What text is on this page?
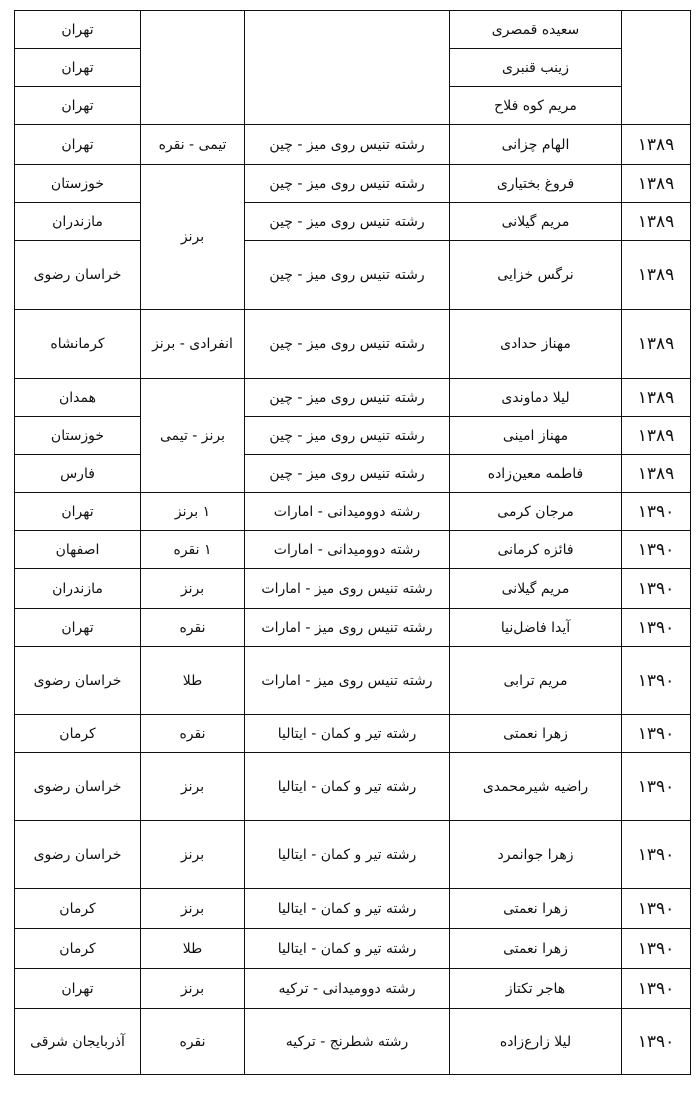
	سعیده قمصری			تهران
	زینب قنبری			تهران
	مریم کوه فلاح			تهران
۱۳۸۹	الهام چزانی	رشته تنیس روی میز - چین	تیمی - نقره	تهران
۱۳۸۹	فروغ بختیاری	رشته تنیس روی میز - چین	برنز	خوزستان
۱۳۸۹	مریم گیلانی	رشته تنیس روی میز - چین		مازندران
۱۳۸۹	نرگس خزایی	رشته تنیس روی میز - چین		خراسان رضوی
۱۳۸۹	مهناز حدادی	رشته تنیس روی میز - چین	انفرادی - برنز	کرمانشاه
۱۳۸۹	لیلا دماوندی	رشته تنیس روی میز - چین	برنز - تیمی	همدان
۱۳۸۹	مهناز امینی	رشته تنیس روی میز - چین		خوزستان
۱۳۸۹	فاطمه معین‌زاده	رشته تنیس روی میز - چین		فارس
۱۳۹۰	مرجان کرمی	رشته دوومیدانی - امارات	۱ برنز	تهران
۱۳۹۰	فائزه کرمانی	رشته دوومیدانی - امارات	۱ نقره	اصفهان
۱۳۹۰	مریم گیلانی	رشته تنیس روی میز - امارات	برنز	مازندران
۱۳۹۰	آیدا فاضل‌نیا	رشته تنیس روی میز - امارات	نقره	تهران
۱۳۹۰	مریم ترابی	رشته تنیس روی میز - امارات	طلا	خراسان رضوی
۱۳۹۰	زهرا نعمتی	رشته تیر و کمان - ایتالیا	نقره	کرمان
۱۳۹۰	راضیه شیرمحمدی	رشته تیر و کمان - ایتالیا	برنز	خراسان رضوی
۱۳۹۰	زهرا جوانمرد	رشته تیر و کمان - ایتالیا	برنز	خراسان رضوی
۱۳۹۰	زهرا نعمتی	رشته تیر و کمان - ایتالیا	برنز	کرمان
۱۳۹۰	زهرا نعمتی	رشته تیر و کمان - ایتالیا	طلا	کرمان
۱۳۹۰	هاجر تکتاز	رشته دوومیدانی - ترکیه	برنز	تهران
۱۳۹۰	لیلا زارع‌زاده	رشته شطرنج - ترکیه	نقره	آذربایجان شرقی
